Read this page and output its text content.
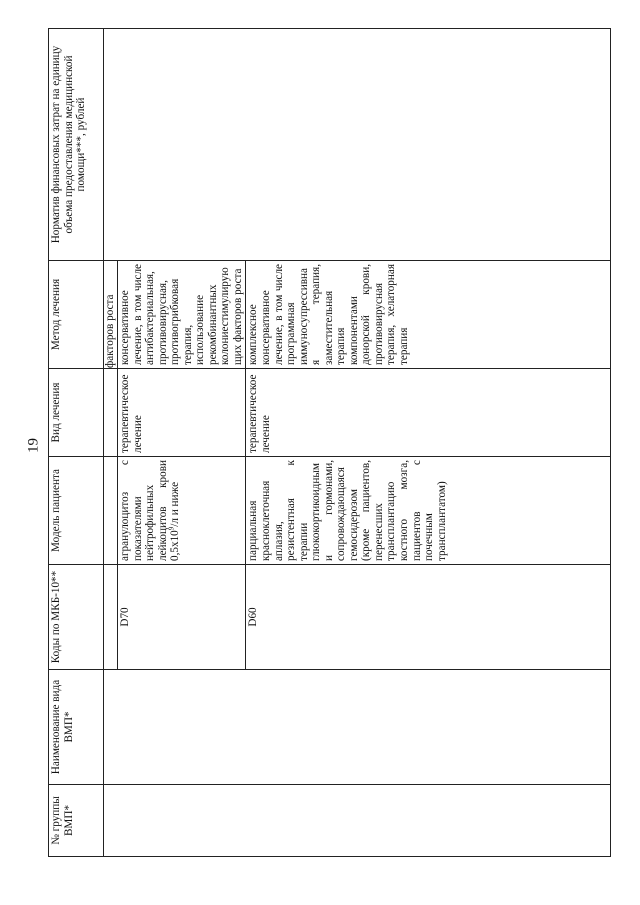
19
№ группы ВМП*	Наименование вида ВМП*	Коды по МКБ-10**	Модель пациента	Вид лечения	Метод лечения	Норматив финансовых затрат на единицу объема предоставления медицинской помощи***, рублей
					факторов роста	
		D70	агранулоцитоз с показателями нейтрофильных лейкоцитов крови $0,5х10^9/л$ и ниже	терапевтическое лечение	консервативное лечение, в том числе антибактериальная, противовирусная, противогрибковая терапия, использование рекомбинантных колониестимулирующих факторов роста	
		D60	парциальная красноклеточная аплазия, резистентная к терапии глюкокортикоидными гормонами, сопровождающаяся гемосидерозом (кроме пациентов, перенесших трансплантацию костного мозга, пациентов с почечным трансплантатом)	терапевтическое лечение	комплексное консервативное лечение, в том числе программная иммуносупрессивная терапия, заместительная терапия компонентами донорской крови, противовирусная терапия, хелаторная терапия	
